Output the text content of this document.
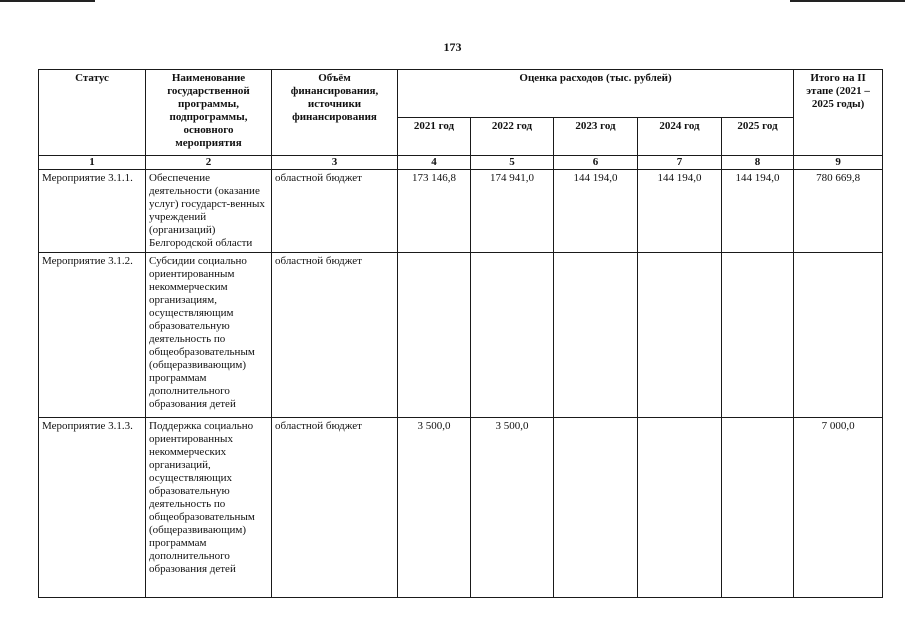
173
Статус	Наименование государственной программы, подпрограммы, основного мероприятия	Объём финансирования, источники финансирования	Оценка расходов (тыс. рублей)					Итого на II этапе (2021 – 2025 годы)
			2021 год	2022 год	2023 год	2024 год	2025 год	
1	2	3	4	5	6	7	8	9
Мероприятие 3.1.1.	Обеспечение деятельности (оказание услуг) государст-венных учреждений (организаций) Белгородской области	областной бюджет	173 146,8	174 941,0	144 194,0	144 194,0	144 194,0	780 669,8
Мероприятие 3.1.2.	Субсидии социально ориентированным некоммерческим организациям, осуществляющим образовательную деятельность по общеобразовательным (общеразвивающим) программам дополнительного образования детей	областной бюджет						
Мероприятие 3.1.3.	Поддержка социально ориентированных некоммерческих организаций, осуществляющих образовательную деятельность по общеобразовательным (общеразвивающим) программам дополнительного образования детей	областной бюджет	3 500,0	3 500,0				7 000,0
